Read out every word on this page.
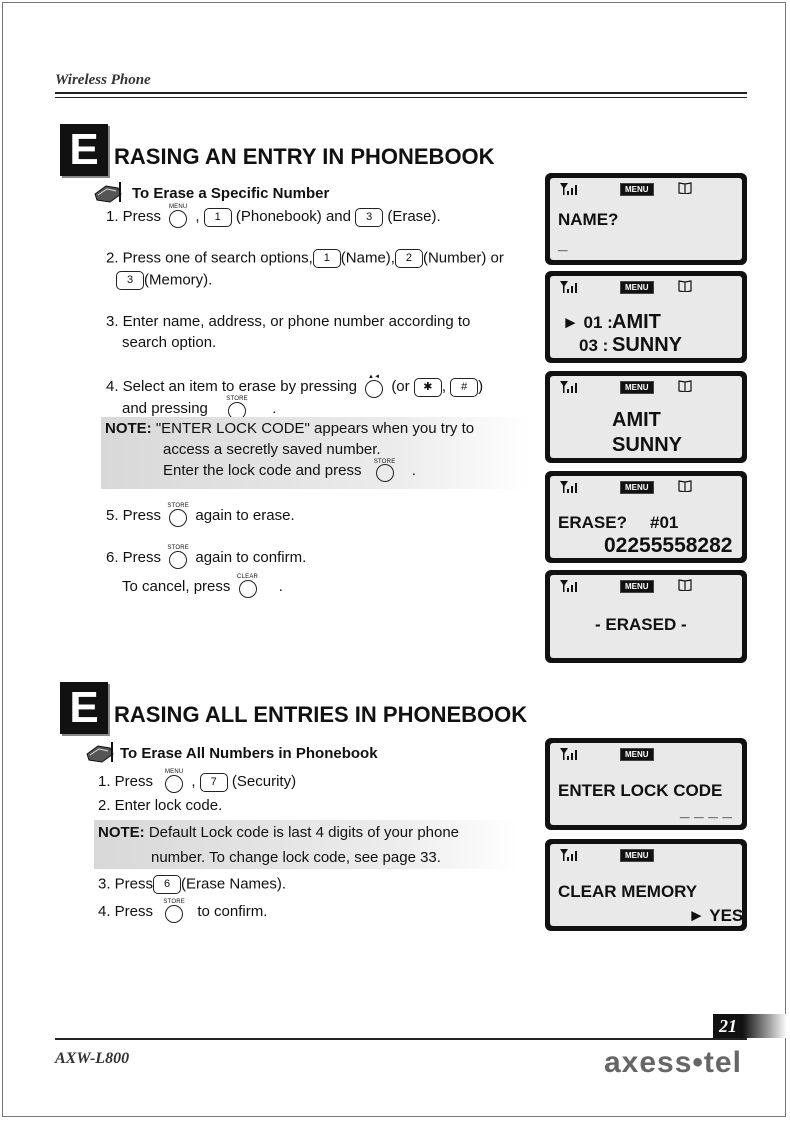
Wireless Phone
E RASING AN ENTRY IN PHONEBOOK
To Erase a Specific Number
1. Press
MENU
, 1 (Phonebook) and 3 (Erase).
2. Press one of search options, 1 (Name), 2 (Number) or
3 (Memory).
3. Enter name, address, or phone number according to
search option.
4. Select an item to erase by pressing
▲◄
(or ✱ , # )
and pressing
STORE
.
NOTE: "ENTER LOCK CODE" appears when you try to
access a secretly saved number.
Enter the lock code and press	STORE .
5. Press
STORE
again to erase.
6. Press
STORE
again to confirm.
To cancel, press
CLEAR
.
E RASING ALL ENTRIES IN PHONEBOOK
To Erase All Numbers in Phonebook
1. Press
MENU
, 7 (Security)
2. Enter lock code.
NOTE: Default Lock code is last 4 digits of your phone
number. To change lock code, see page 33.
3. Press 6 (Erase Names).
4. Press
STORE
to confirm.
MENU
NAME?
_
MENU
► 01 : AMIT
03 : SUNNY
MENU
AMIT
SUNNY
MENU
ERASE? #01
02255558282
MENU
- ERASED -
MENU
ENTER LOCK CODE
_ _ _ _
MENU
CLEAR MEMORY
► YES
21
AXW-L800	axess•tel
